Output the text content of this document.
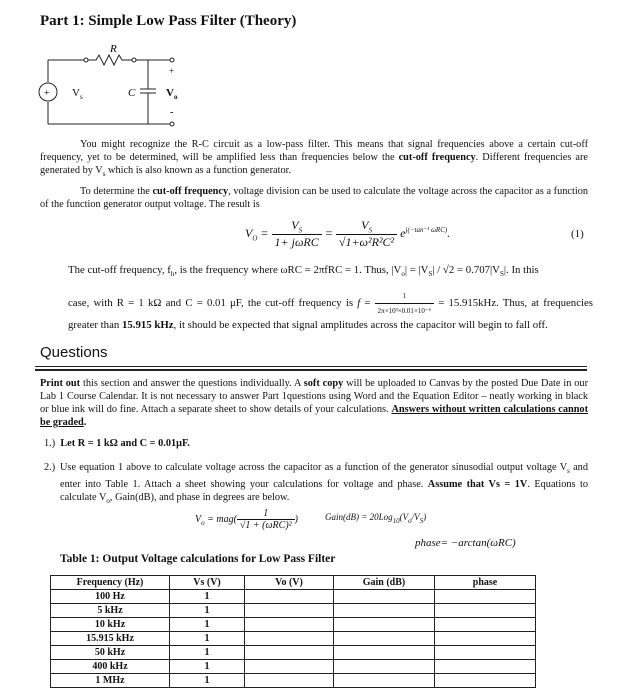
Part 1: Simple Low Pass Filter (Theory)
+
R
C
+
-
$V_s$	$V_o$
You might recognize the R-C circuit as a low-pass filter. This means that signal frequencies above a certain cut-off frequency, yet to be determined, will be amplified less than frequencies below the cut-off frequency. Different frequencies are generated by $V_s$ which is also known as a function generator.
To determine the cut-off frequency, voltage division can be used to calculate the voltage across the capacitor as a function of the function generator output voltage. The result is
$V_O = \frac{V_S}{\text{1+ jωRC}} = \frac{V_S}{\text{√1+ω²R²C²}} e^{j(-tan^{-1} \omega RC)}$.	(1)
The cut-off frequency, $f_h$, is the frequency where ωRC = 2πfRC = 1. Thus, $|V_o| = |V_S| / √2 = 0.707|V_S|$. In this
case, with R = 1 kΩ and C = 0.01 μF, the cut-off frequency is $f = \frac{1}{\text{2π×10³×0.01×10⁻⁶}} = 15.915kHz$. Thus, at frequencies greater than 15.915 kHz, it should be expected that signal amplitudes across the capacitor will begin to fall off.
Questions
Print out this section and answer the questions individually. A soft copy will be uploaded to Canvas by the posted Due Date in our Lab 1 Course Calendar. It is not necessary to answer Part 1questions using Word and the Equation Editor – neatly working in black or blue ink will do fine. Attach a separate sheet to show details of your calculations. Answers without written calculations cannot be graded.
1.) Let R = 1 kΩ and C = 0.01μF.
2.) Use equation 1 above to calculate voltage across the capacitor as a function of the generator sinusodial output voltage $V_s$ and enter into Table 1. Attach a sheet showing your calculations for voltage and phase. Assume that Vs = 1V. Equations to calculate $V_o$, Gain(dB), and phase in degrees are below.
$V_o = mag( \frac{1}{\text{√1 + (ωRC)²}}$ )	Gain(dB) = $20Log_{10}(V_o/V_S)$
phase= −arctan(ωRC)
Table 1: Output Voltage calculations for Low Pass Filter
Frequency (Hz)	Vs (V)	Vo (V)	Gain (dB)	phase
100 Hz	1			
5 kHz	1			
10 kHz	1			
15.915 kHz	1			
50 kHz	1			
400 kHz	1			
1 MHz	1			
